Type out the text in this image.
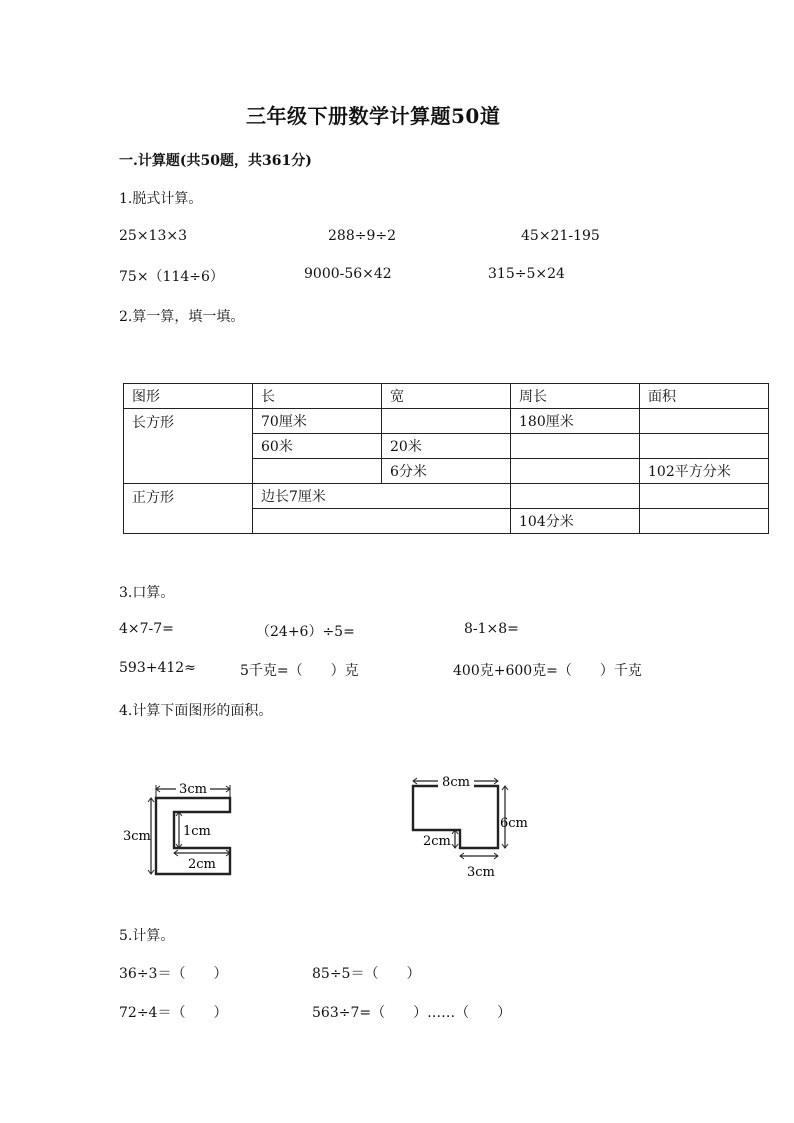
三年级下册数学计算题50道
一.计算题(共50题，共361分)
1.脱式计算。
25×13×3	288÷9÷2	45×21-195
75×（114÷6）	9000-56×42	315÷5×24
2.算一算，填一填。
图形	长	宽	周长	面积
长方形	70厘米		180厘米	
	60米	20米		
		6分米		102平方分米
正方形	边长7厘米			
			104分米	
3.口算。
4×7-7=	（24+6）÷5=	8-1×8=
593+412≈	5千克=（　　）克	400克+600克=（　　）千克
4.计算下面图形的面积。
3cm
3cm 1cm
2cm
8cm
6cm
2cm
3cm
5.计算。
36÷3＝（　　）	85÷5＝（　　）
72÷4＝（　　）	563÷7=（　　）……（　　）
